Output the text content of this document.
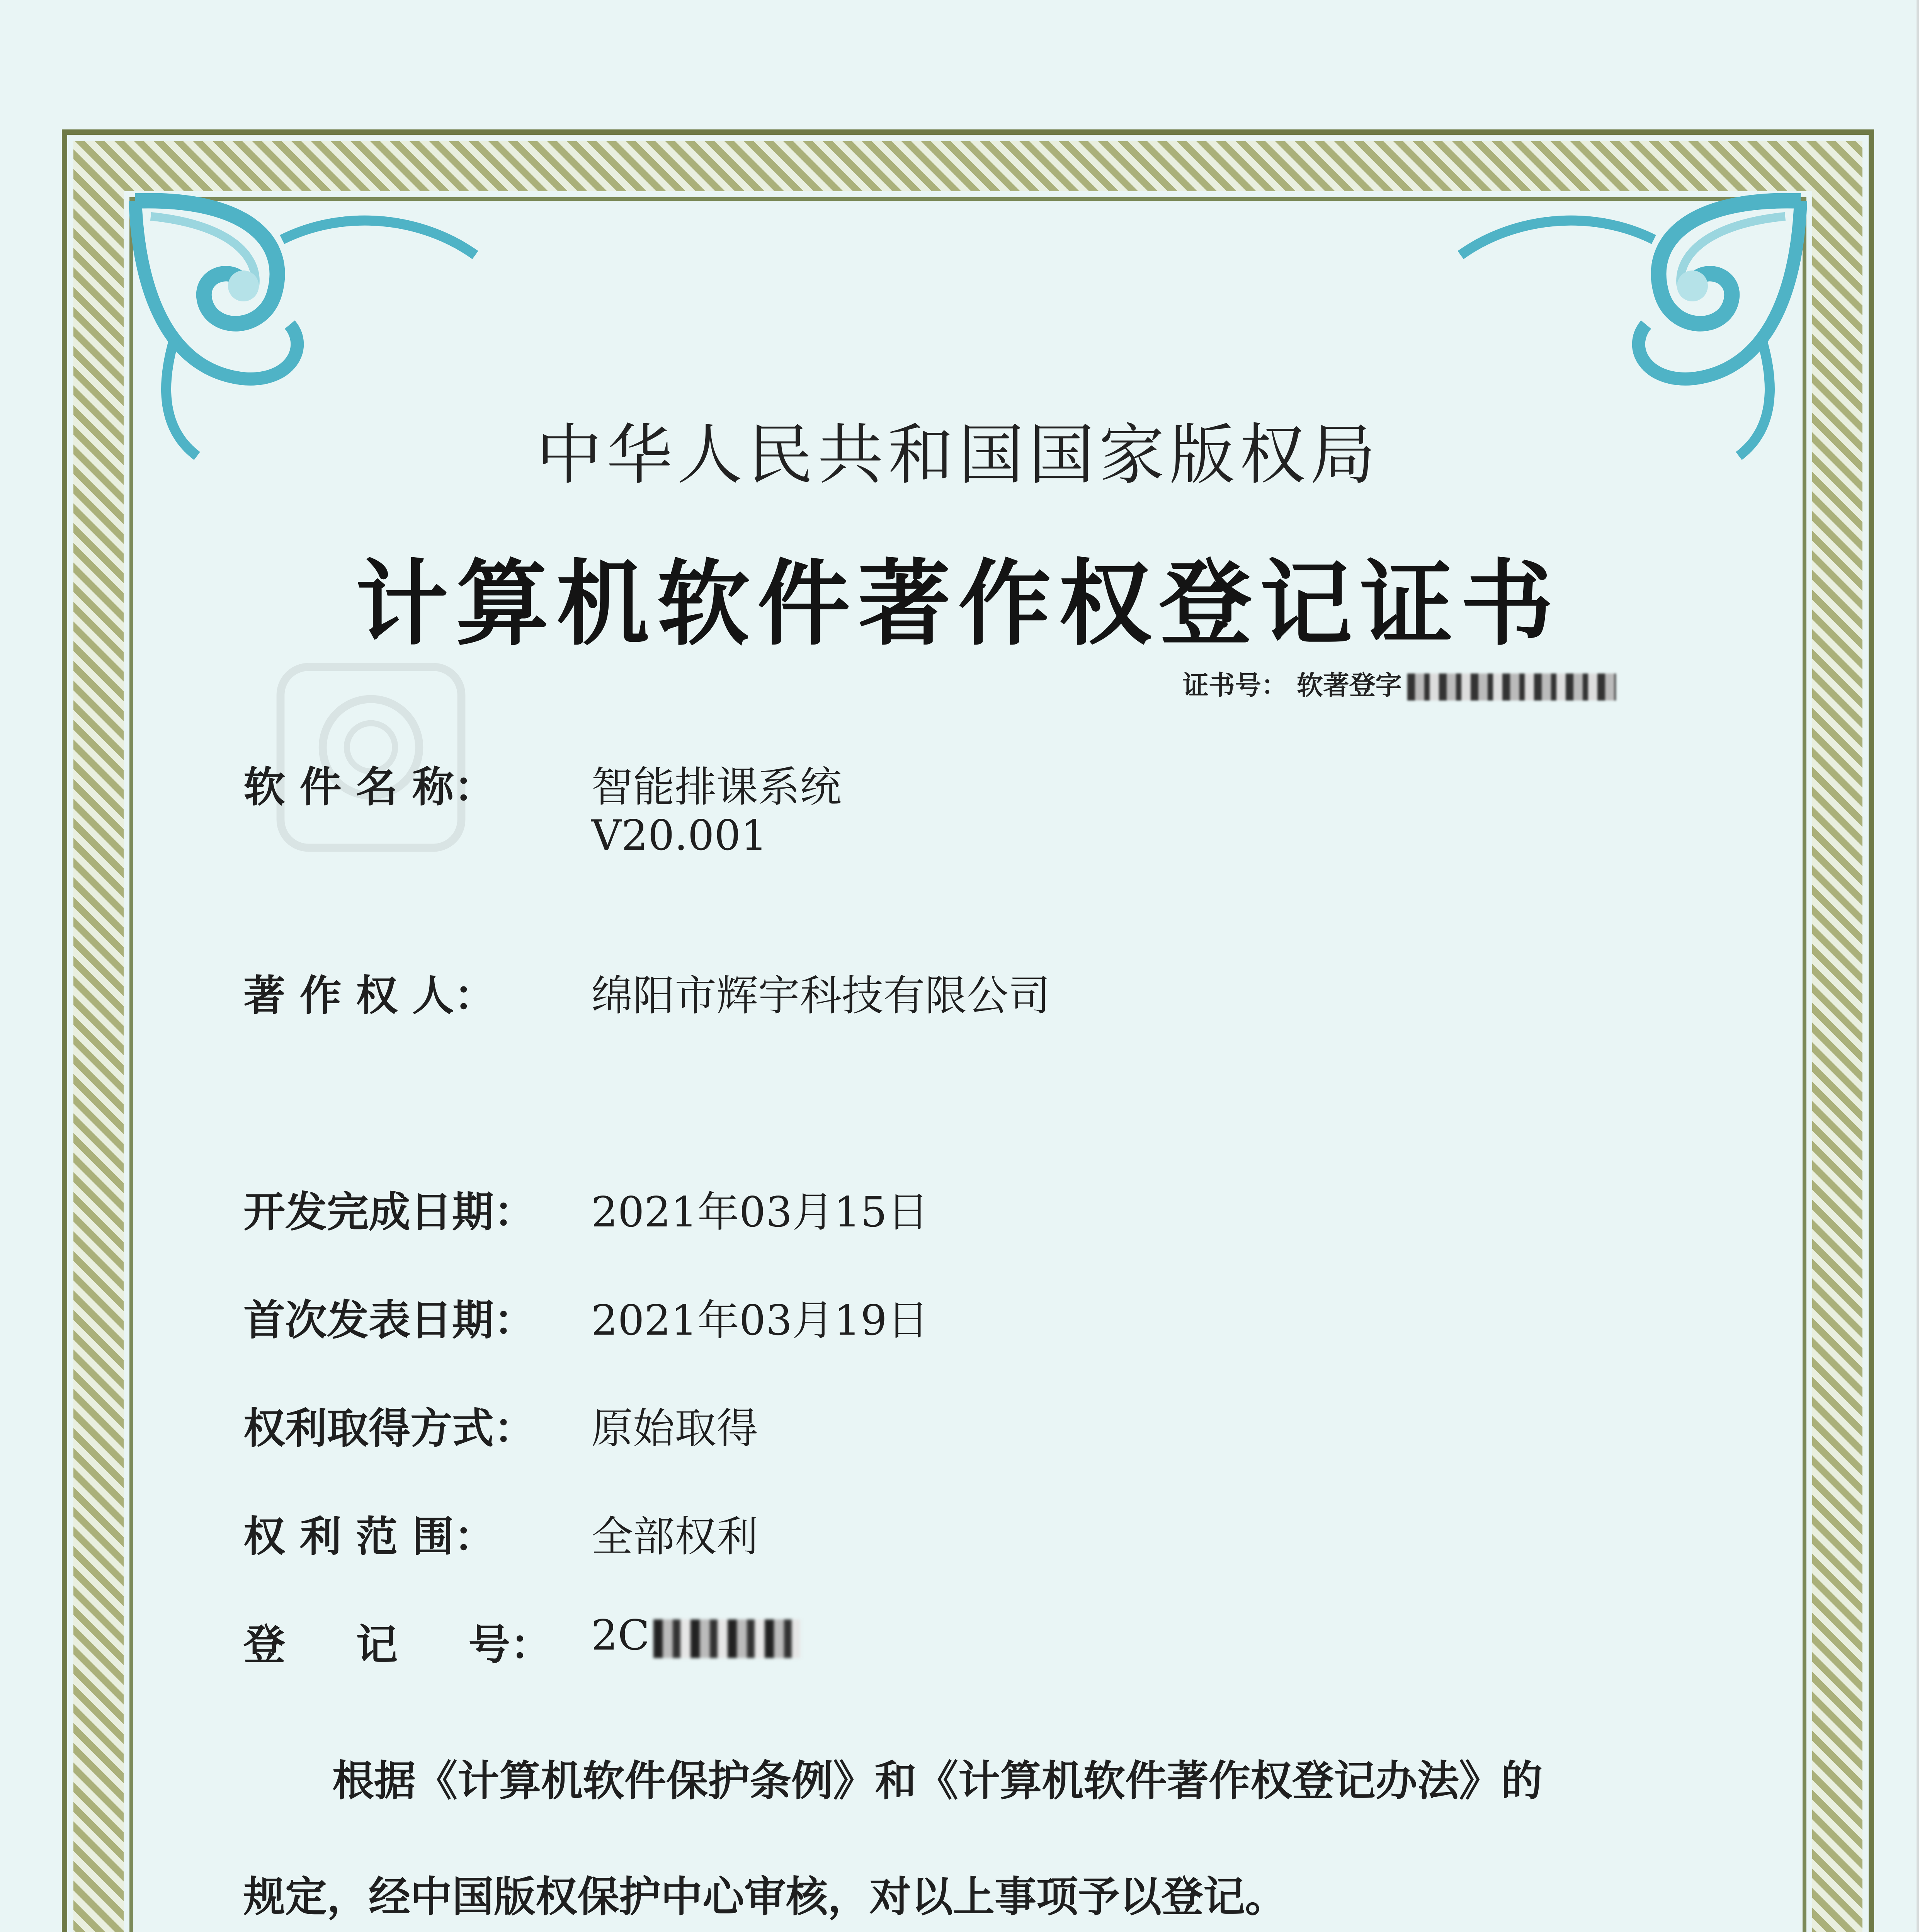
中华人民共和国国家版权局
计算机软件著作权登记证书
证书号： 软著登字
软 件 名 称： 智能排课系统
V20.001
著 作 权 人： 绵阳市辉宇科技有限公司
开发完成日期： 2021年03月15日
首次发表日期： 2021年03月19日
权利取得方式： 原始取得
权 利 范 围： 全部权利
登 　 记 　 号： 2C
根据《计算机软件保护条例》和《计算机软件著作权登记办法》的
规定，经中国版权保护中心审核，对以上事项予以登记。
